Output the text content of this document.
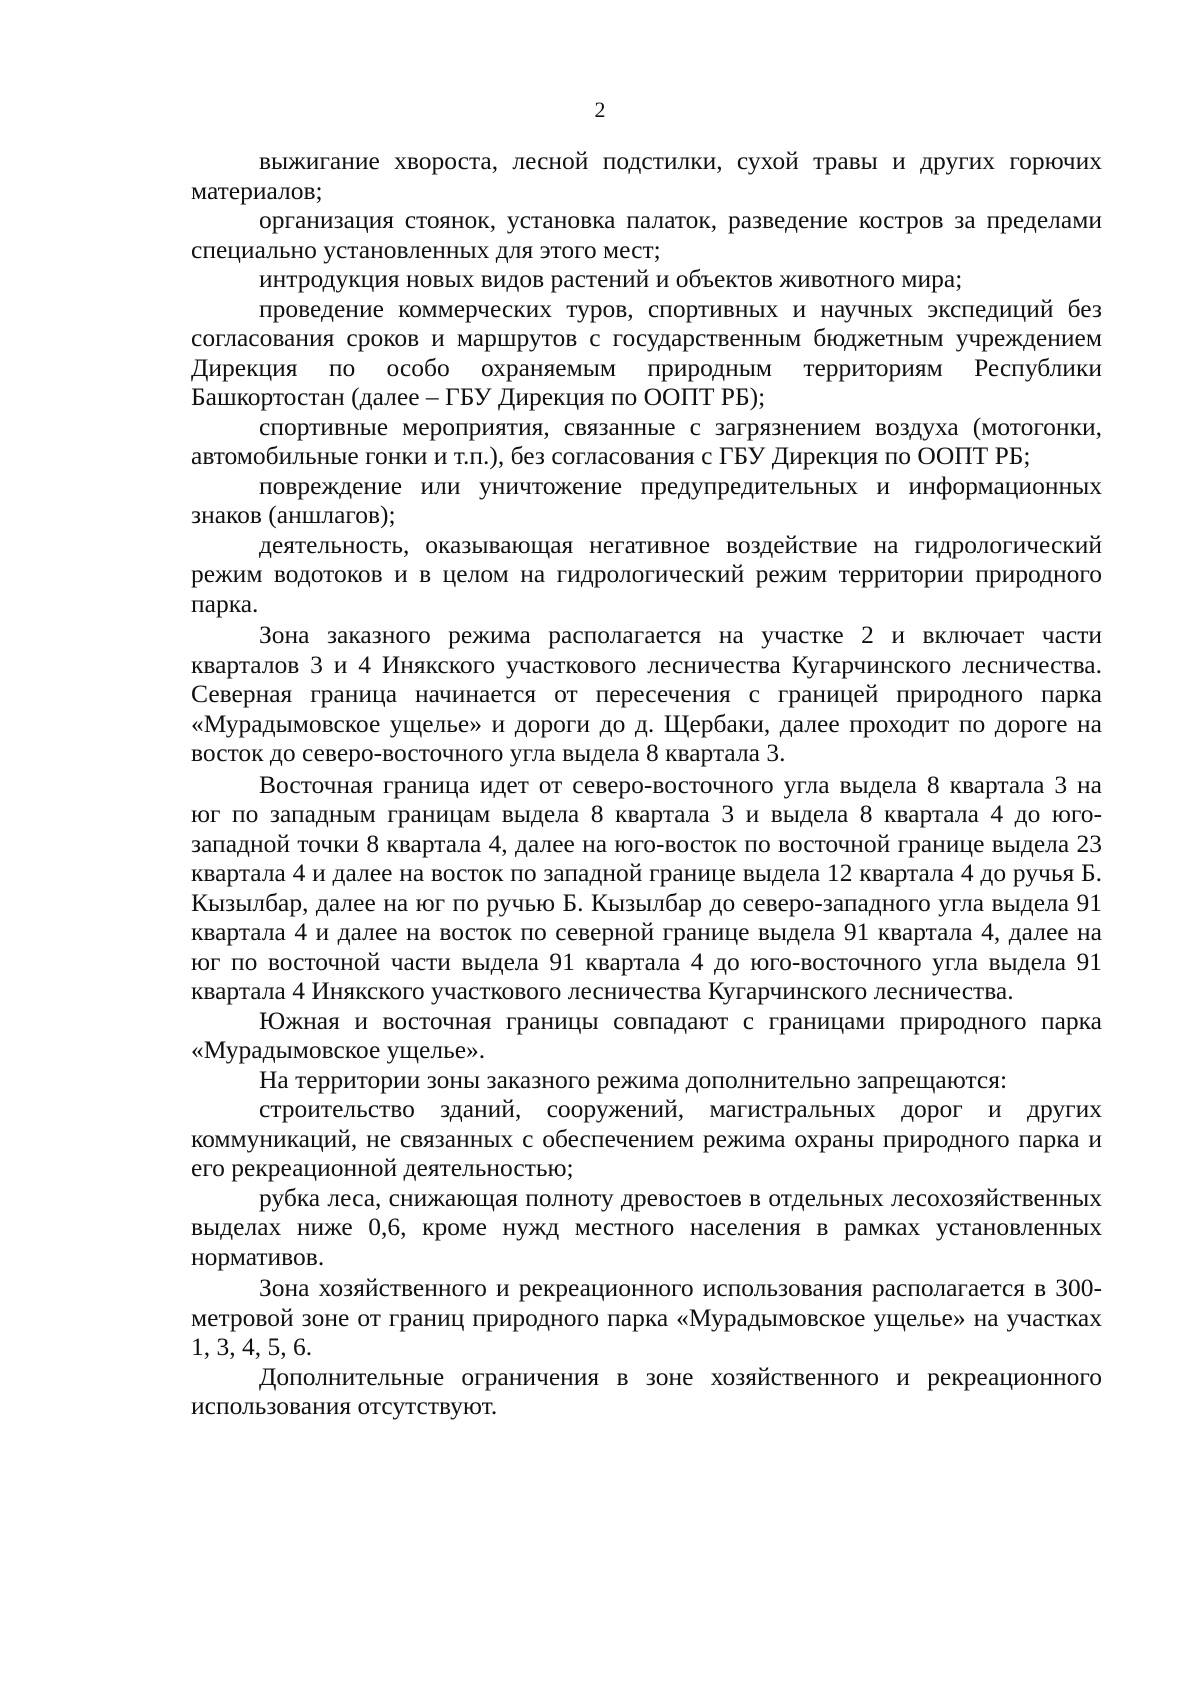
2

выжигание хвороста, лесной подстилки, сухой травы и других горючих материалов;

организация стоянок, установка палаток, разведение костров за пределами специально установленных для этого мест;

интродукция новых видов растений и объектов животного мира;

проведение коммерческих туров, спортивных и научных экспедиций без согласования сроков и маршрутов с государственным бюджетным учреждением Дирекция по особо охраняемым природным территориям Республики Башкортостан (далее – ГБУ Дирекция по ООПТ РБ);

спортивные мероприятия, связанные с загрязнением воздуха (мотогонки, автомобильные гонки и т.п.), без согласования с ГБУ Дирекция по ООПТ РБ;

повреждение или уничтожение предупредительных и информационных знаков (аншлагов);

деятельность, оказывающая негативное воздействие на гидрологический режим водотоков и в целом на гидрологический режим территории природного парка.

Зона заказного режима располагается на участке 2 и включает части кварталов 3 и 4 Инякского участкового лесничества Кугарчинского лесничества. Северная граница начинается от пересечения с границей природного парка «Мурадымовское ущелье» и дороги до д. Щербаки, далее проходит по дороге на восток до северо-восточного угла выдела 8 квартала 3.

Восточная граница идет от северо-восточного угла выдела 8 квартала 3 на юг по западным границам выдела 8 квартала 3 и выдела 8 квартала 4 до юго-западной точки 8 квартала 4, далее на юго-восток по восточной границе выдела 23 квартала 4 и далее на восток по западной границе выдела 12 квартала 4 до ручья Б. Кызылбар, далее на юг по ручью Б. Кызылбар до северо-западного угла выдела 91 квартала 4 и далее на восток по северной границе выдела 91 квартала 4, далее на юг по восточной части выдела 91 квартала 4 до юго-восточного угла выдела 91 квартала 4 Инякского участкового лесничества Кугарчинского лесничества.

Южная и восточная границы совпадают с границами природного парка «Мурадымовское ущелье».

На территории зоны заказного режима дополнительно запрещаются:

строительство зданий, сооружений, магистральных дорог и других коммуникаций, не связанных с обеспечением режима охраны природного парка и его рекреационной деятельностью;

рубка леса, снижающая полноту древостоев в отдельных лесохозяйственных выделах ниже 0,6, кроме нужд местного населения в рамках установленных нормативов.

Зона хозяйственного и рекреационного использования располагается в 300-метровой зоне от границ природного парка «Мурадымовское ущелье» на участках 1, 3, 4, 5, 6.

Дополнительные ограничения в зоне хозяйственного и рекреационного использования отсутствуют.
